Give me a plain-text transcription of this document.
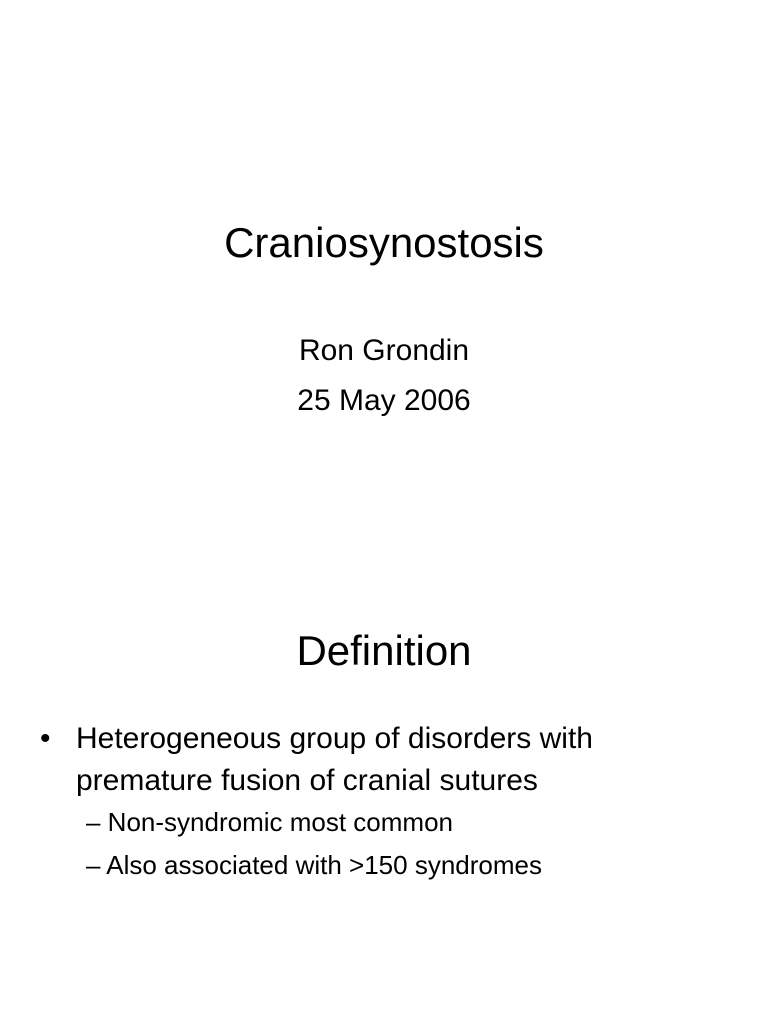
Craniosynostosis
Ron Grondin
25 May 2006
Definition
• Heterogeneous group of disorders with premature fusion of cranial sutures
– Non-syndromic most common
– Also associated with >150 syndromes
